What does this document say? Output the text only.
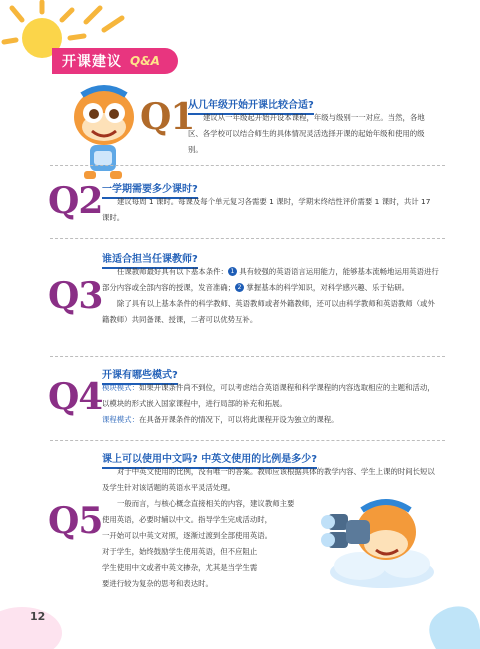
开课建议 Q&A
Q1
从几年级开始开课比较合适?

建议从一年级起开始开设本课程，年级与级别一一对应。当然，各地区、各学校可以结合师生的具体情况灵活选择开课的起始年级和使用的级别。

Q2 一学期需要多少课时?

建议每周 1 课时。每课及每个单元复习各需要 1 课时，学期末终结性评价需要 1 课时，共计 17 课时。

Q3
谁适合担当任课教师?

任课教师最好具有以下基本条件： 1 具有较强的英语语言运用能力，能够基本流畅地运用英语进行部分内容或全部内容的授课，发音准确； 2 掌握基本的科学知识，对科学感兴趣、乐于钻研。

除了具有以上基本条件的科学教师、英语教师或者外籍教师，还可以由科学教师和英语教师（或外籍教师）共同备课、授课，二者可以优势互补。

Q4
开课有哪些模式?

模块模式：如果开课条件尚不到位，可以考虑结合英语课程和科学课程的内容选取相应的主题和活动，以模块的形式嵌入国家课程中，进行局部的补充和拓展。

课程模式：在具备开课条件的情况下，可以将此课程开设为独立的课程。

Q5
课上可以使用中文吗? 中英文使用的比例是多少?

对于中英文使用的比例，没有唯一的答案。教师应该根据具体的教学内容、学生上课的时间长短以及学生针对该话题的英语水平灵活处理。

一般而言，与核心概念直接相关的内容，建议教师主要

使用英语，必要时辅以中文。指导学生完成活动时，

一开始可以中英文对照，逐渐过渡到全部使用英语。

对于学生，始终鼓励学生使用英语，但不应阻止

学生使用中文或者中英文掺杂，尤其是当学生需

要进行较为复杂的思考和表达时。

12
